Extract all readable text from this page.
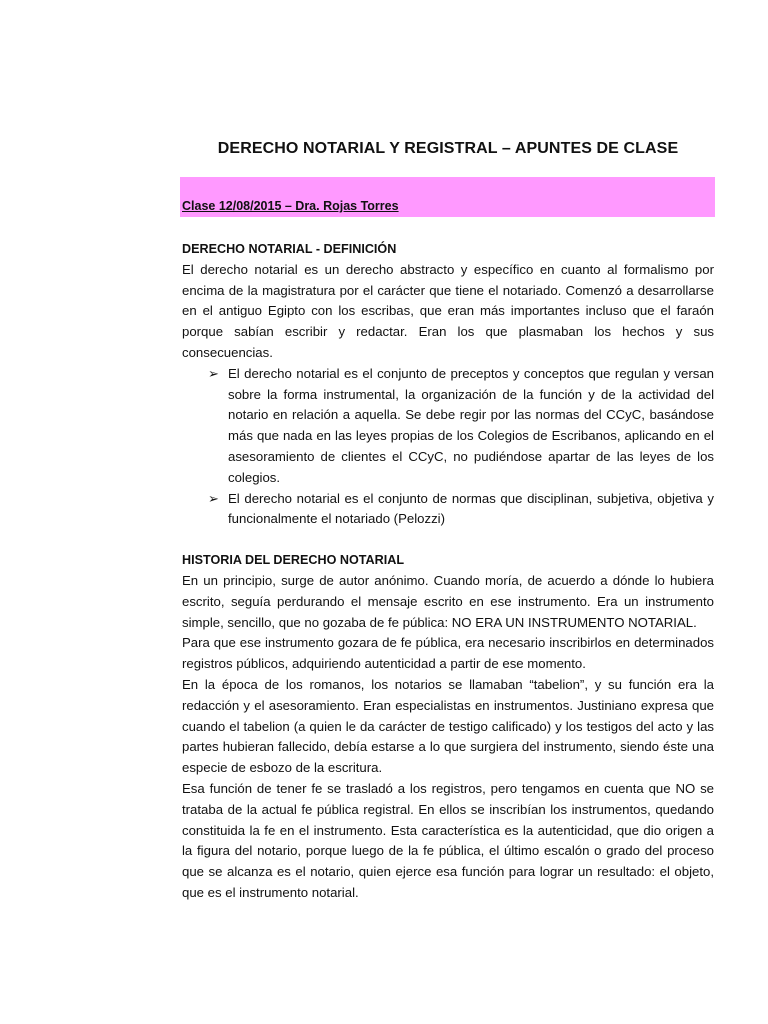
DERECHO NOTARIAL Y REGISTRAL – APUNTES DE CLASE
Clase 12/08/2015 – Dra. Rojas Torres
DERECHO NOTARIAL - DEFINICIÓN

El derecho notarial es un derecho abstracto y específico en cuanto al formalismo por encima de la magistratura por el carácter que tiene el notariado. Comenzó a desarrollarse en el antiguo Egipto con los escribas, que eran más importantes incluso que el faraón porque sabían escribir y redactar. Eran los que plasmaban los hechos y sus consecuencias.

➢ El derecho notarial es el conjunto de preceptos y conceptos que regulan y versan sobre la forma instrumental, la organización de la función y de la actividad del notario en relación a aquella. Se debe regir por las normas del CCyC, basándose más que nada en las leyes propias de los Colegios de Escribanos, aplicando en el asesoramiento de clientes el CCyC, no pudiéndose apartar de las leyes de los colegios.
➢ El derecho notarial es el conjunto de normas que disciplinan, subjetiva, objetiva y funcionalmente el notariado (Pelozzi)
HISTORIA DEL DERECHO NOTARIAL

En un principio, surge de autor anónimo. Cuando moría, de acuerdo a dónde lo hubiera escrito, seguía perdurando el mensaje escrito en ese instrumento. Era un instrumento simple, sencillo, que no gozaba de fe pública: NO ERA UN INSTRUMENTO NOTARIAL.

Para que ese instrumento gozara de fe pública, era necesario inscribirlos en determinados registros públicos, adquiriendo autenticidad a partir de ese momento.

En la época de los romanos, los notarios se llamaban “tabelion”, y su función era la redacción y el asesoramiento. Eran especialistas en instrumentos. Justiniano expresa que cuando el tabelion (a quien le da carácter de testigo calificado) y los testigos del acto y las partes hubieran fallecido, debía estarse a lo que surgiera del instrumento, siendo éste una especie de esbozo de la escritura.

Esa función de tener fe se trasladó a los registros, pero tengamos en cuenta que NO se trataba de la actual fe pública registral. En ellos se inscribían los instrumentos, quedando constituida la fe en el instrumento. Esta característica es la autenticidad, que dio origen a la figura del notario, porque luego de la fe pública, el último escalón o grado del proceso que se alcanza es el notario, quien ejerce esa función para lograr un resultado: el objeto, que es el instrumento notarial.
